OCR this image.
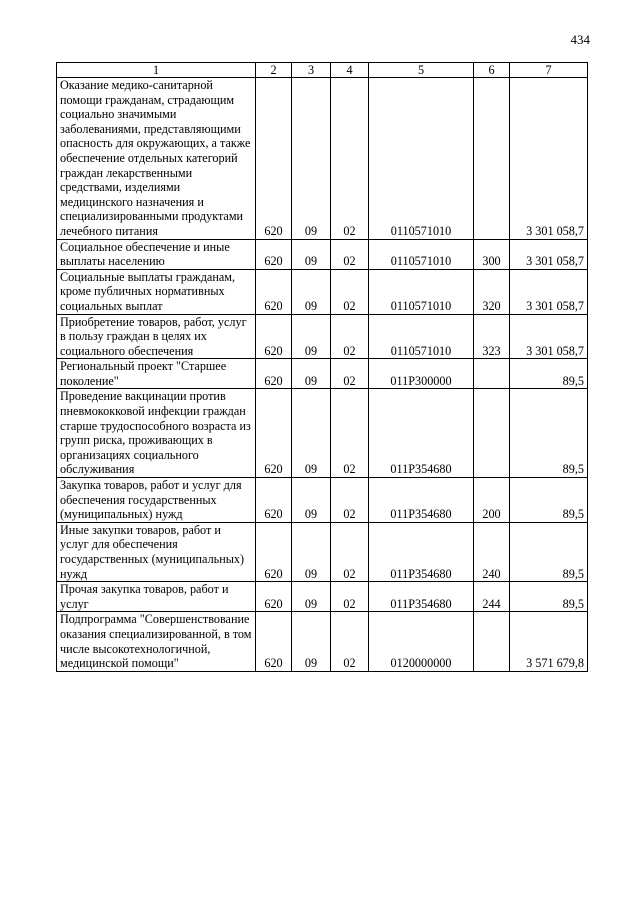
434
1	2	3	4	5	6	7
Оказание медико-санитарной помощи гражданам, страдающим социально значимыми заболеваниями, представляющими опасность для окружающих, а также обеспечение отдельных категорий граждан лекарственными средствами, изделиями медицинского назначения и специализированными продуктами лечебного питания	620	09	02	0110571010		3 301 058,7
Социальное обеспечение и иные выплаты населению	620	09	02	0110571010	300	3 301 058,7
Социальные выплаты гражданам, кроме публичных нормативных социальных выплат	620	09	02	0110571010	320	3 301 058,7
Приобретение товаров, работ, услуг в пользу граждан в целях их социального обеспечения	620	09	02	0110571010	323	3 301 058,7
Региональный проект "Старшее поколение"	620	09	02	011P300000		89,5
Проведение вакцинации против пневмококковой инфекции граждан старше трудоспособного возраста из групп риска, проживающих в организациях социального обслуживания	620	09	02	011P354680		89,5
Закупка товаров, работ и услуг для обеспечения государственных (муниципальных) нужд	620	09	02	011P354680	200	89,5
Иные закупки товаров, работ и услуг для обеспечения государственных (муниципальных) нужд	620	09	02	011P354680	240	89,5
Прочая закупка товаров, работ и услуг	620	09	02	011P354680	244	89,5
Подпрограмма "Совершенствование оказания специализированной, в том числе высокотехнологичной, медицинской помощи"	620	09	02	0120000000		3 571 679,8
